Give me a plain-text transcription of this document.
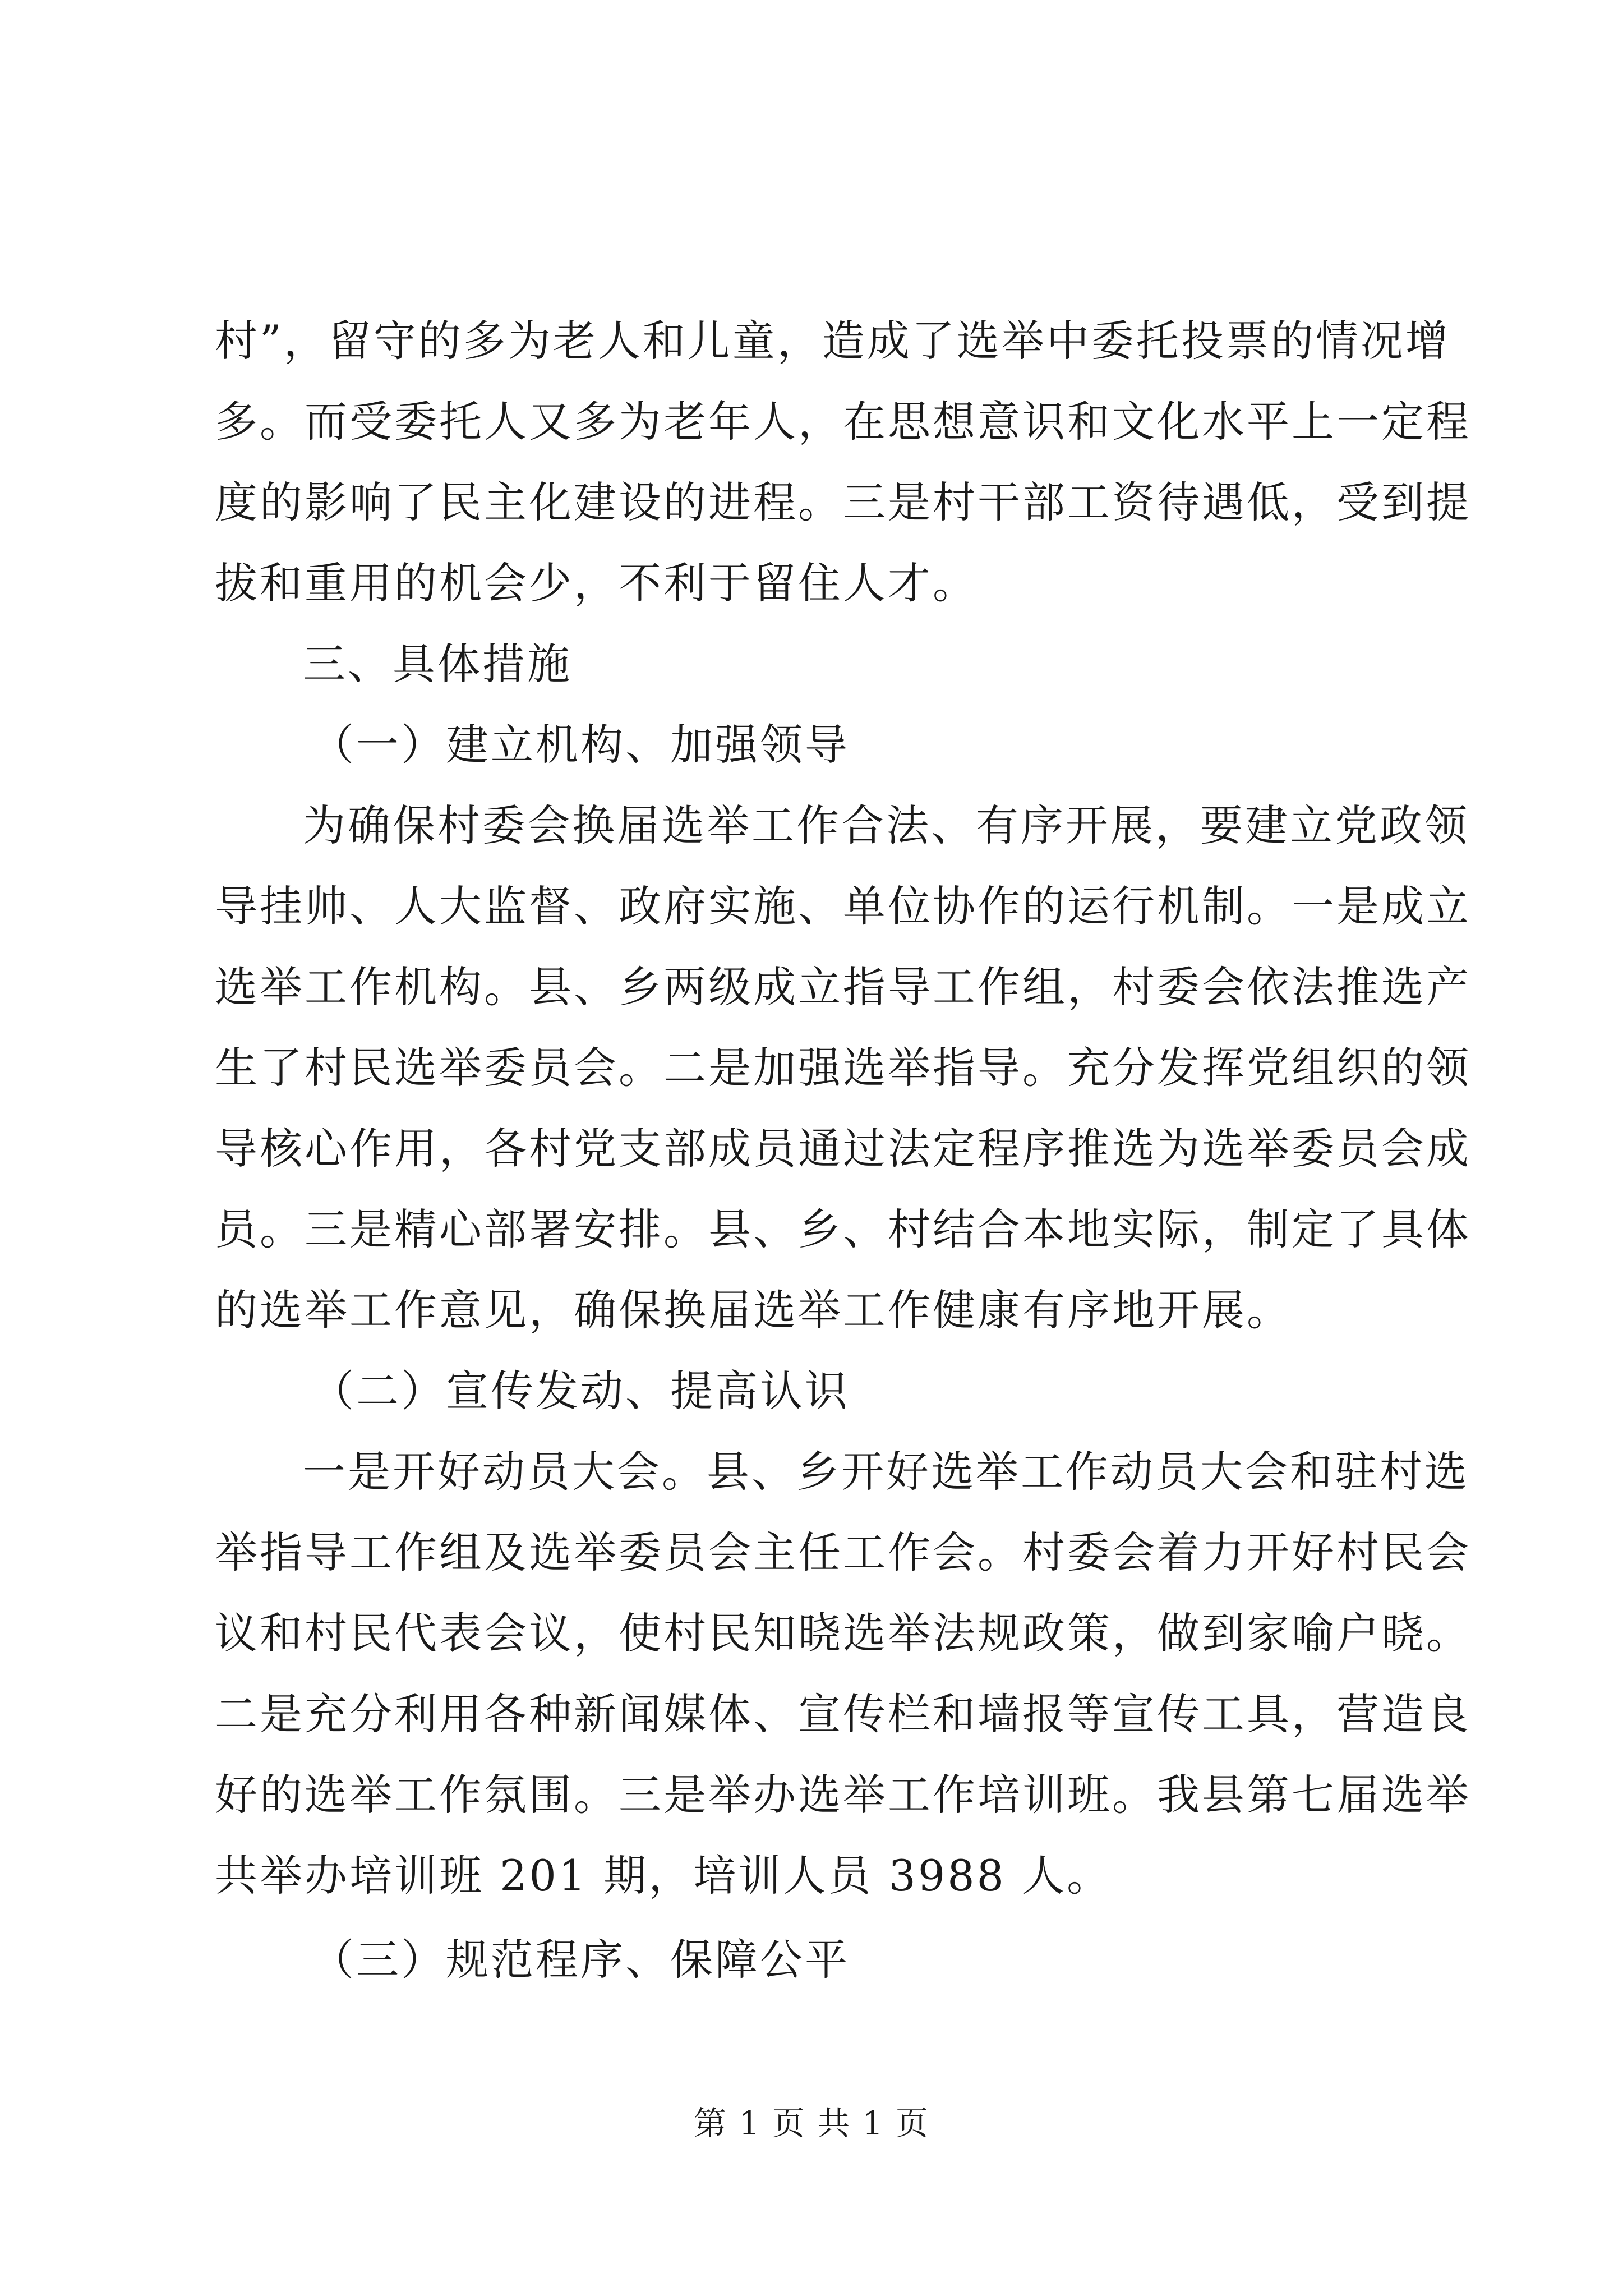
村”，留守的多为老人和儿童，造成了选举中委托投票的情况增
多。而受委托人又多为老年人，在思想意识和文化水平上一定程
度的影响了民主化建设的进程。三是村干部工资待遇低，受到提
拔和重用的机会少，不利于留住人才。
三、具体措施
（一）建立机构、加强领导
为确保村委会换届选举工作合法、有序开展，要建立党政领
导挂帅、人大监督、政府实施、单位协作的运行机制。一是成立
选举工作机构。县、乡两级成立指导工作组，村委会依法推选产
生了村民选举委员会。二是加强选举指导。充分发挥党组织的领
导核心作用，各村党支部成员通过法定程序推选为选举委员会成
员。三是精心部署安排。县、乡、村结合本地实际，制定了具体
的选举工作意见，确保换届选举工作健康有序地开展。
（二）宣传发动、提高认识
一是开好动员大会。县、乡开好选举工作动员大会和驻村选
举指导工作组及选举委员会主任工作会。村委会着力开好村民会
议和村民代表会议，使村民知晓选举法规政策，做到家喻户晓。
二是充分利用各种新闻媒体、宣传栏和墙报等宣传工具，营造良
好的选举工作氛围。三是举办选举工作培训班。我县第七届选举
共举办培训班 201 期，培训人员 3988 人。
（三）规范程序、保障公平
第 1 页 共 1 页
